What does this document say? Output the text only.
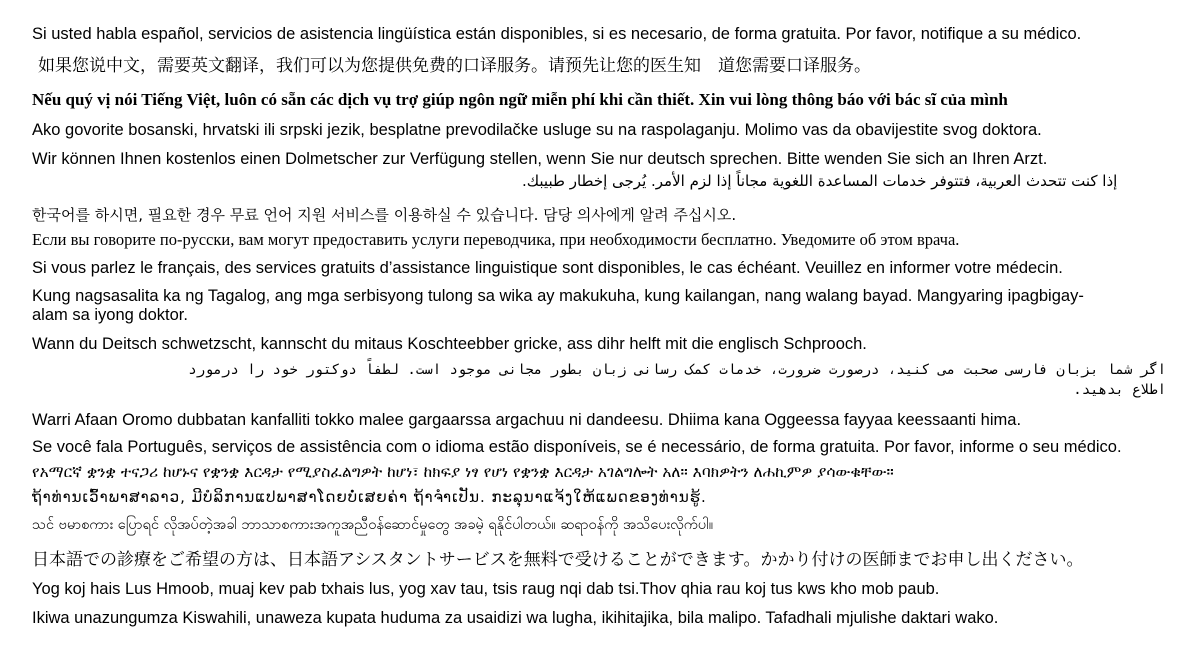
Si usted habla español, servicios de asistencia lingüística están disponibles, si es necesario, de forma gratuita. Por favor, notifique a su médico.
如果您说中文，需要英文翻译，我们可以为您提供免费的口译服务。请预先让您的医生知　道您需要口译服务。
Nếu quý vị nói Tiếng Việt, luôn có sẵn các dịch vụ trợ giúp ngôn ngữ miễn phí khi cần thiết. Xin vui lòng thông báo với bác sĩ của mình
Ako govorite bosanski, hrvatski ili srpski jezik, besplatne prevodilačke usluge su na raspolaganju. Molimo vas da obavijestite svog doktora.
Wir können Ihnen kostenlos einen Dolmetscher zur Verfügung stellen, wenn Sie nur deutsch sprechen. Bitte wenden Sie sich an Ihren Arzt.
إذا كنت تتحدث العربية، فتتوفر خدمات المساعدة اللغوية مجاناً إذا لزم الأمر. يُرجى إخطار طبيبك.
한국어를 하시면, 필요한 경우 무료 언어 지원 서비스를 이용하실 수 있습니다. 담당 의사에게 알려 주십시오.
Если вы говорите по-русски, вам могут предоставить услуги переводчика, при необходимости бесплатно. Уведомите об этом врача.
Si vous parlez le français, des services gratuits d’assistance linguistique sont disponibles, le cas échéant. Veuillez en informer votre médecin.
Kung nagsasalita ka ng Tagalog, ang mga serbisyong tulong sa wika ay makukuha, kung kailangan, nang walang bayad. Mangyaring ipagbigay-alam sa iyong doktor.
Wann du Deitsch schwetzscht, kannscht du mitaus Koschteebber gricke, ass dihr helft mit die englisch Schprooch.
اگر شما بزبان فارسی صحبت می کنید، درصورت ضرورت، خدمات کمک رسانی زبان بطور مجانی موجود است. لطفاً دوکتور خود را درمورد اطلاع بدهید.
Warri Afaan Oromo dubbatan kanfalliti tokko malee gargaarssa argachuu ni dandeesu. Dhiima kana Oggeessa fayyaa keessaanti hima.
Se você fala Português, serviços de assistência com o idioma estão disponíveis, se é necessário, de forma gratuita. Por favor, informe o seu médico.
የአማርኛ ቋንቋ ተናጋሪ ከሆኑና የቋንቋ እርዳታ የሚያስፈልግዎት ከሆነ፣ ከክፍያ ነፃ የሆነ የቋንቋ እርዳታ አገልግሎት አለ። እባክዎትን ለሐኪምዎ ያሳውቁቸው።
ຖ້າທ່ານເວົ້າພາສາລາວ, ມີບໍລິການແປພາສາໂດຍບໍ່ເສຍຄ່າ ຖ້າຈຳເປັນ. ກະລຸນາແຈ້ງໃຫ້ແພດຂອງທ່ານຮູ້.
သင် ဗမာစကား ပြောရင် လိုအပ်တဲ့အခါ ဘာသာစကားအကူအညီဝန်ဆောင်မှုတွေ အခမဲ့ ရနိုင်ပါတယ်။ ဆရာဝန်ကို အသိပေးလိုက်ပါ။
日本語での診療をご希望の方は、日本語アシスタントサービスを無料で受けることができます。かかり付けの医師までお申し出ください。
Yog koj hais Lus Hmoob, muaj kev pab txhais lus, yog xav tau, tsis raug nqi dab tsi.Thov qhia rau koj tus kws kho mob paub.
Ikiwa unazungumza Kiswahili, unaweza kupata huduma za usaidizi wa lugha, ikihitajika, bila malipo. Tafadhali mjulishe daktari wako.
